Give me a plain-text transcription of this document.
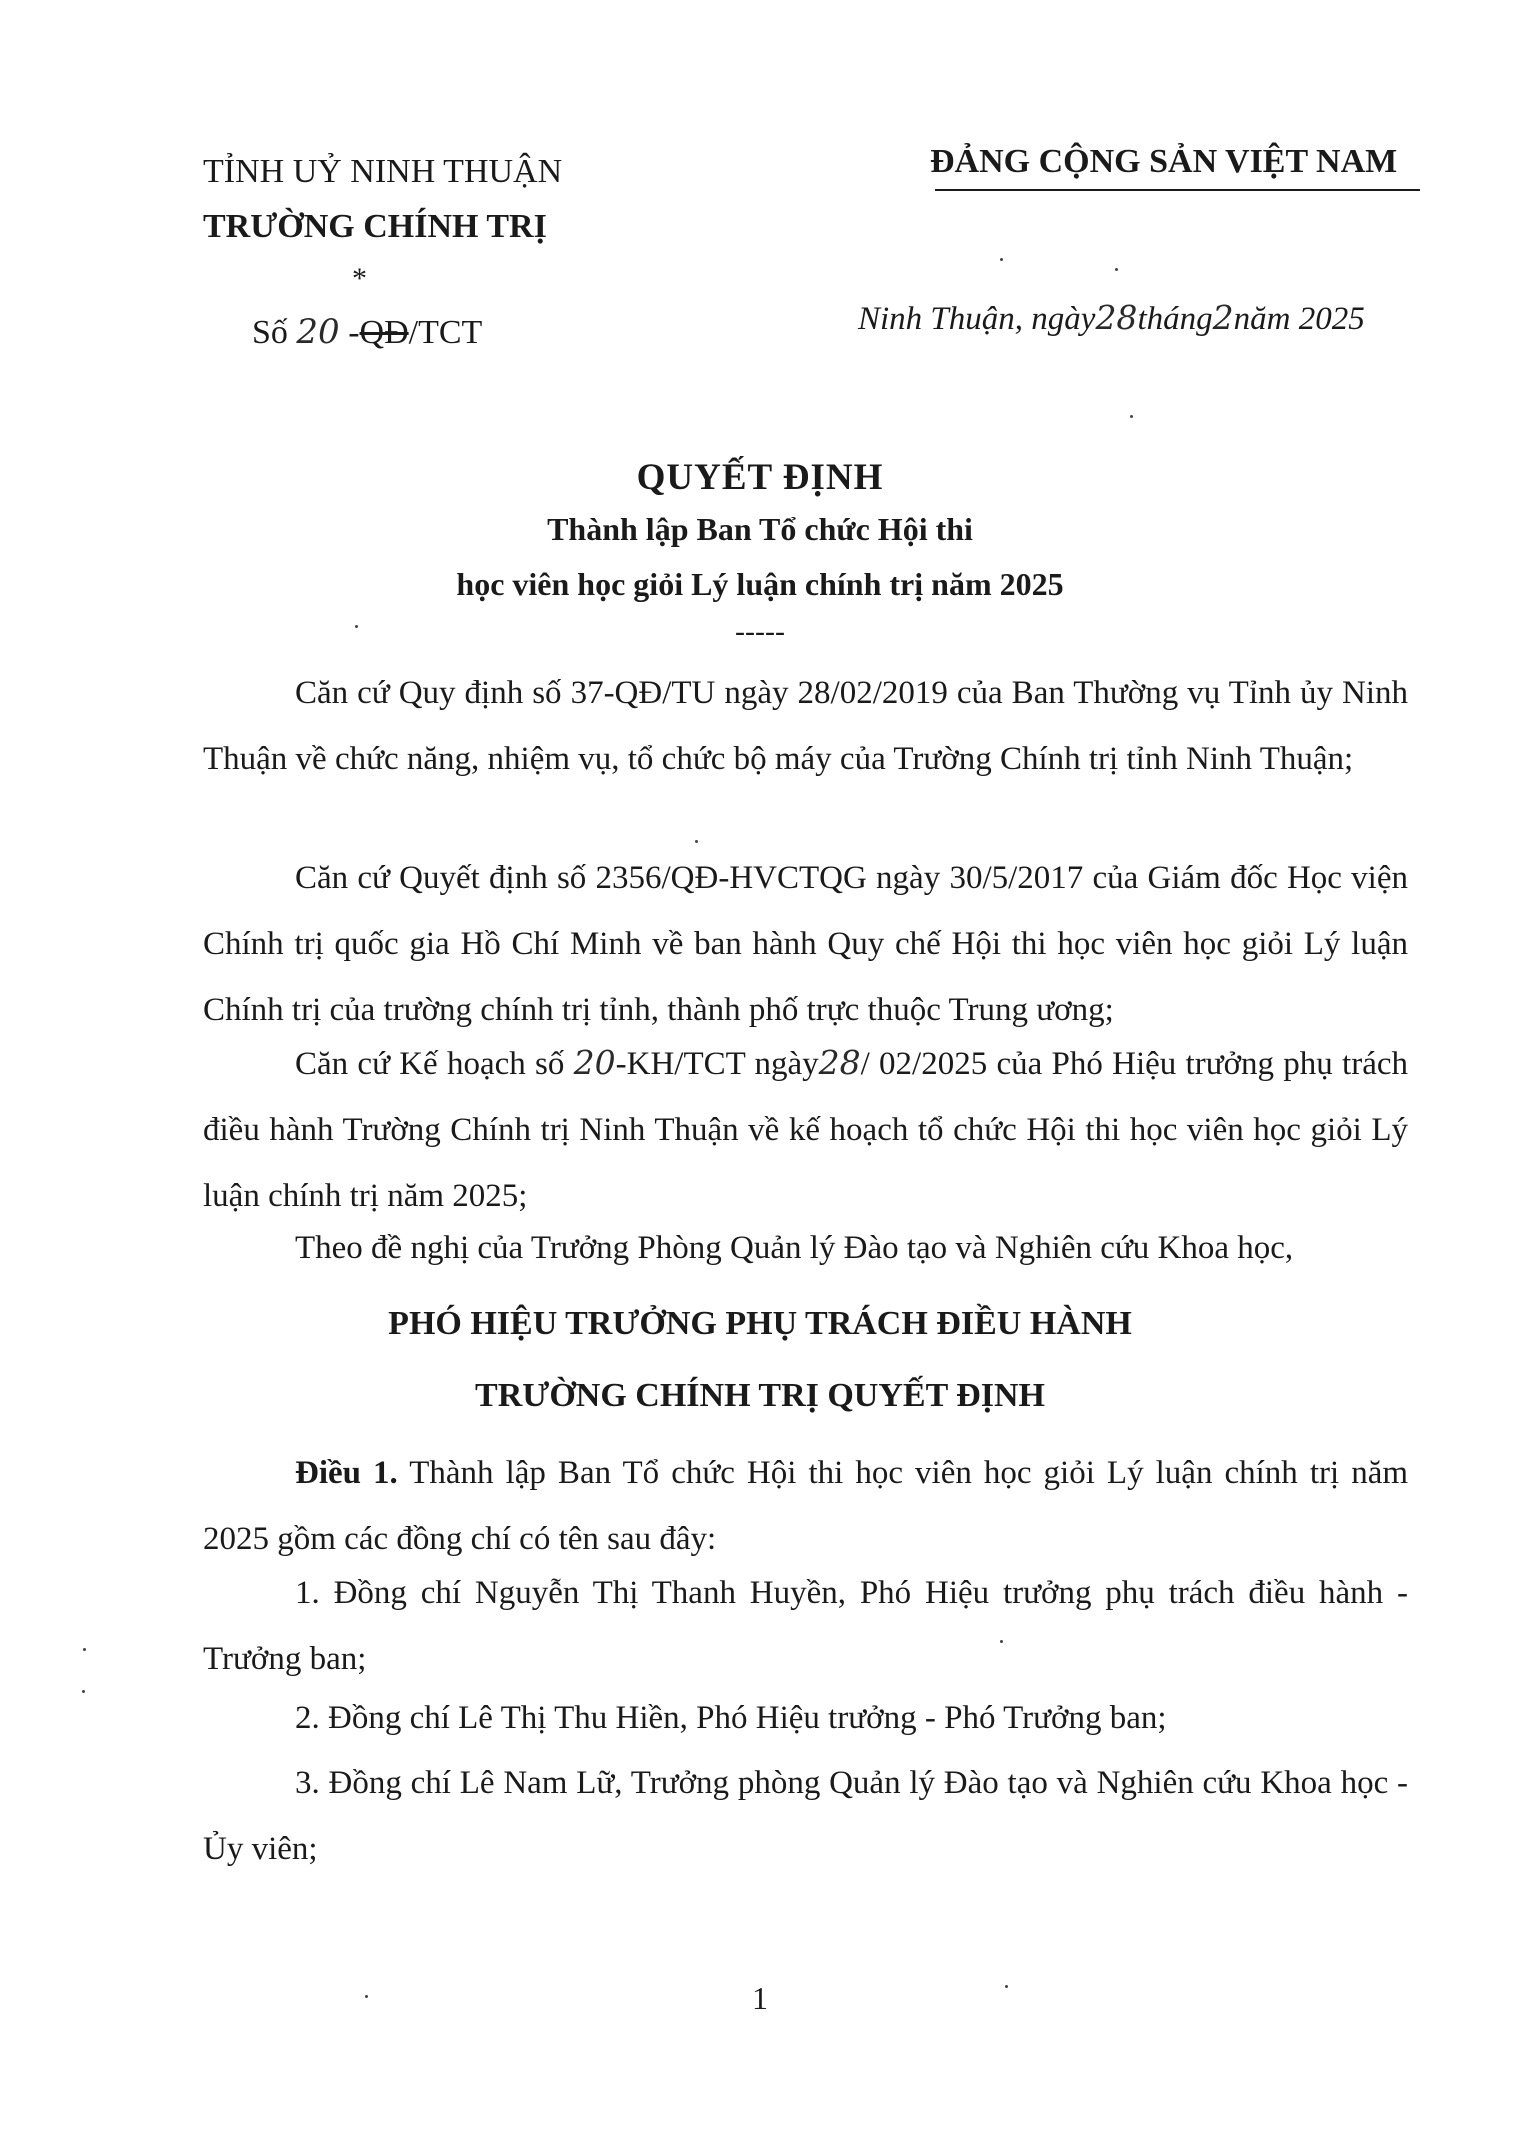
TỈNH UỶ NINH THUẬN
TRƯỜNG CHÍNH TRỊ
*
Số 20 -QĐ/TCT
ĐẢNG CỘNG SẢN VIỆT NAM
Ninh Thuận, ngày28tháng2năm 2025
QUYẾT ĐỊNH
Thành lập Ban Tổ chức Hội thi
học viên học giỏi Lý luận chính trị năm 2025
-----
Căn cứ Quy định số 37-QĐ/TU ngày 28/02/2019 của Ban Thường vụ Tỉnh ủy Ninh Thuận về chức năng, nhiệm vụ, tổ chức bộ máy của Trường Chính trị tỉnh Ninh Thuận;
Căn cứ Quyết định số 2356/QĐ-HVCTQG ngày 30/5/2017 của Giám đốc Học viện Chính trị quốc gia Hồ Chí Minh về ban hành Quy chế Hội thi học viên học giỏi Lý luận Chính trị của trường chính trị tỉnh, thành phố trực thuộc Trung ương;
Căn cứ Kế hoạch số 20-KH/TCT ngày28/ 02/2025 của Phó Hiệu trưởng phụ trách điều hành Trường Chính trị Ninh Thuận về kế hoạch tổ chức Hội thi học viên học giỏi Lý luận chính trị năm 2025;
Theo đề nghị của Trưởng Phòng Quản lý Đào tạo và Nghiên cứu Khoa học,
PHÓ HIỆU TRƯỞNG PHỤ TRÁCH ĐIỀU HÀNH
TRƯỜNG CHÍNH TRỊ QUYẾT ĐỊNH
Điều 1. Thành lập Ban Tổ chức Hội thi học viên học giỏi Lý luận chính trị năm 2025 gồm các đồng chí có tên sau đây:
1. Đồng chí Nguyễn Thị Thanh Huyền, Phó Hiệu trưởng phụ trách điều hành - Trưởng ban;
2. Đồng chí Lê Thị Thu Hiền, Phó Hiệu trưởng - Phó Trưởng ban;
3. Đồng chí Lê Nam Lữ, Trưởng phòng Quản lý Đào tạo và Nghiên cứu Khoa học - Ủy viên;
1
